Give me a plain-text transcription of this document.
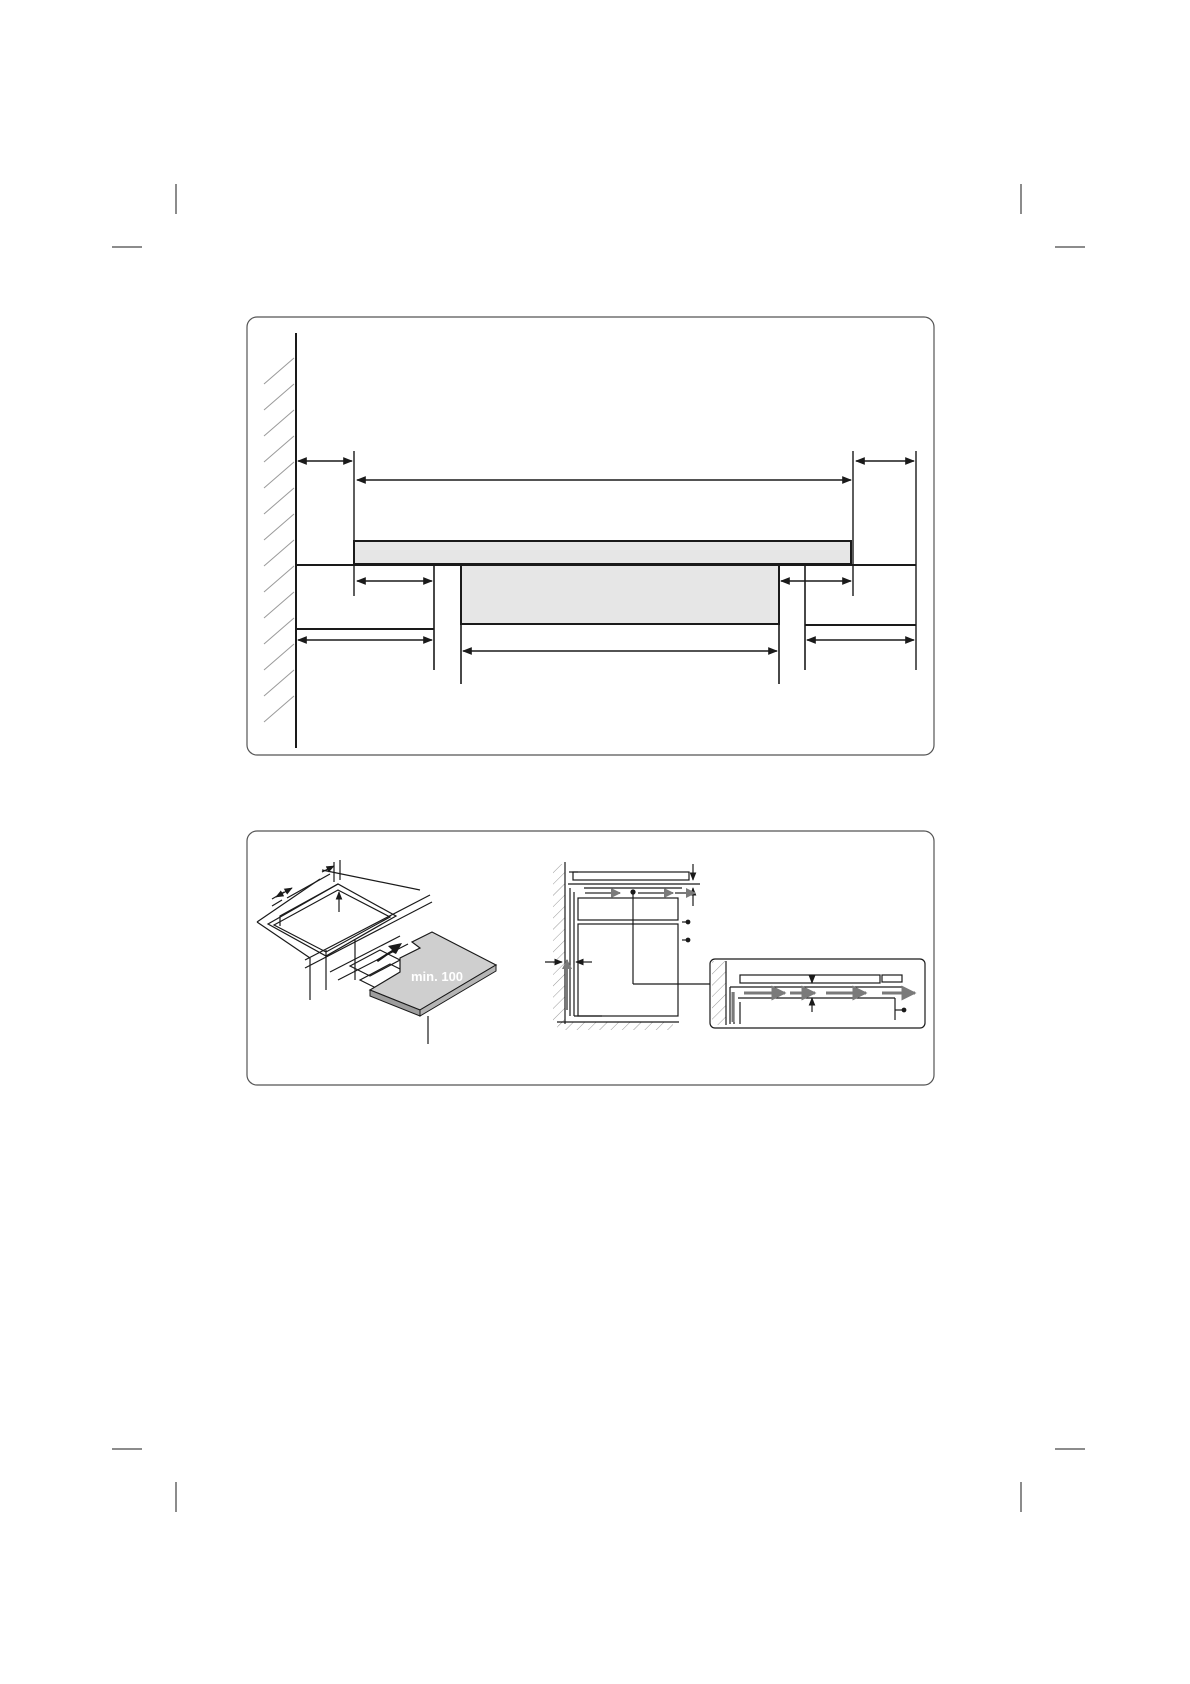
min. 100
